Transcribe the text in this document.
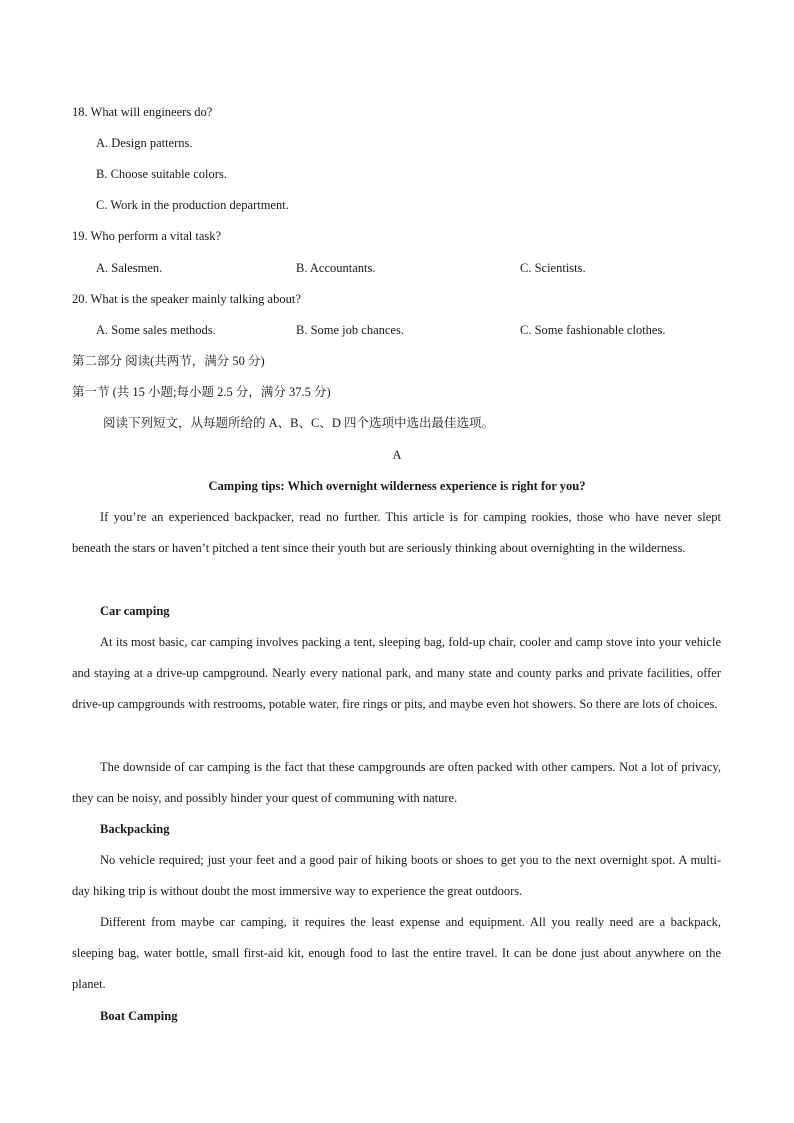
18. What will engineers do?
A. Design patterns.
B. Choose suitable colors.
C. Work in the production department.
19. Who perform a vital task?
A. Salesmen.	B. Accountants.	C. Scientists.
20. What is the speaker mainly talking about?
A. Some sales methods.	B. Some job chances.	C. Some fashionable clothes.
第二部分 阅读(共两节，满分 50 分)
第一节 (共 15 小题;每小题 2.5 分，满分 37.5 分)
阅读下列短文，从每题所给的 A、B、C、D 四个选项中选出最佳选项。
A
Camping tips: Which overnight wilderness experience is right for you?

If you’re an experienced backpacker, read no further. This article is for camping rookies, those who have never slept beneath the stars or haven’t pitched a tent since their youth but are seriously thinking about overnighting in the wilderness.

Car camping

At its most basic, car camping involves packing a tent, sleeping bag, fold-up chair, cooler and camp stove into your vehicle and staying at a drive-up campground. Nearly every national park, and many state and county parks and private facilities, offer drive-up campgrounds with restrooms, potable water, fire rings or pits, and maybe even hot showers. So there are lots of choices.

The downside of car camping is the fact that these campgrounds are often packed with other campers. Not a lot of privacy, they can be noisy, and possibly hinder your quest of communing with nature.

Backpacking

No vehicle required; just your feet and a good pair of hiking boots or shoes to get you to the next overnight spot. A multi-day hiking trip is without doubt the most immersive way to experience the great outdoors.

Different from maybe car camping, it requires the least expense and equipment. All you really need are a backpack, sleeping bag, water bottle, small first-aid kit, enough food to last the entire travel. It can be done just about anywhere on the planet.

Boat Camping
